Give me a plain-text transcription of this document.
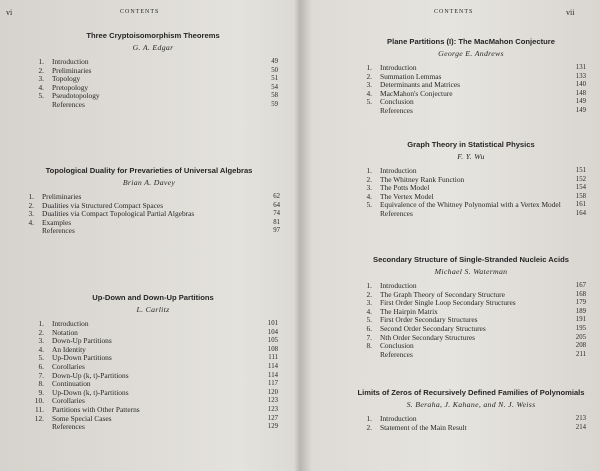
vi	CONTENTS
Three Cryptoisomorphism Theorems
G. A. Edgar
1.	Introduction	49
2.	Preliminaries	50
3.	Topology	51
4.	Pretopology	54
5.	Pseudotopology	58
References	59
Topological Duality for Prevarieties of Universal Algebras
Brian A. Davey
1.	Preliminaries	62
2.	Dualities via Structured Compact Spaces	64
3.	Dualities via Compact Topological Partial Algebras	74
4.	Examples	81
References	97
Up-Down and Down-Up Partitions
L. Carlitz
1.	Introduction	101
2.	Notation	104
3.	Down-Up Partitions	105
4.	An Identity	108
5.	Up-Down Partitions	111
6.	Corollaries	114
7.	Down-Up (k, t)-Partitions	114
8.	Continuation	117
9.	Up-Down (k, t)-Partitions	120
10.	Corollaries	123
11.	Partitions with Other Patterns	123
12.	Some Special Cases	127
References	129
CONTENTS	vii
Plane Partitions (I): The MacMahon Conjecture
George E. Andrews
1.	Introduction	131
2.	Summation Lemmas	133
3.	Determinants and Matrices	140
4.	MacMahon's Conjecture	148
5.	Conclusion	149
References	149
Graph Theory in Statistical Physics
F. Y. Wu
1.	Introduction	151
2.	The Whitney Rank Function	152
3.	The Potts Model	154
4.	The Vertex Model	158
5.	Equivalence of the Whitney Polynomial with a Vertex Model	161
References	164
Secondary Structure of Single-Stranded Nucleic Acids
Michael S. Waterman
1.	Introduction	167
2.	The Graph Theory of Secondary Structure	168
3.	First Order Single Loop Secondary Structures	179
4.	The Hairpin Matrix	189
5.	First Order Secondary Structures	191
6.	Second Order Secondary Structures	195
7.	Nth Order Secondary Structures	205
8.	Conclusion	208
References	211
Limits of Zeros of Recursively Defined Families of Polynomials
S. Beraha, J. Kahane, and N. J. Weiss
1.	Introduction	213
2.	Statement of the Main Result	214
